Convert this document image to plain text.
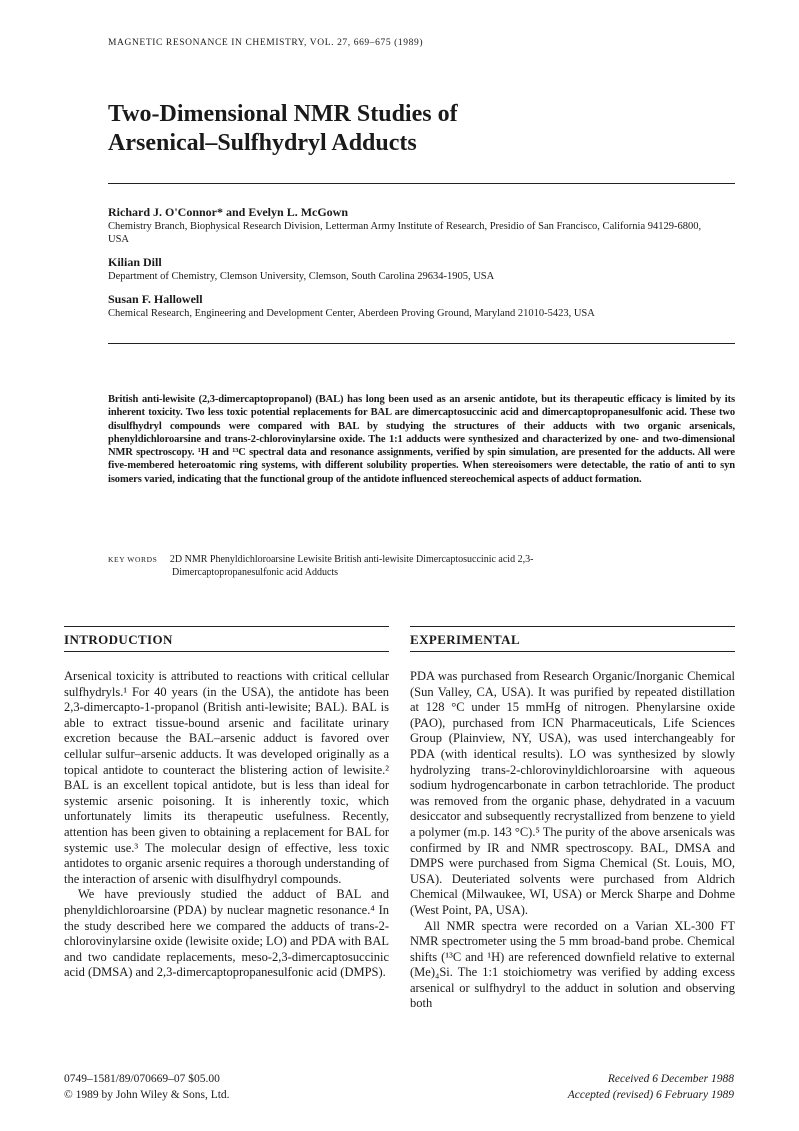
MAGNETIC RESONANCE IN CHEMISTRY, VOL. 27, 669–675 (1989)
Two-Dimensional NMR Studies of
Arsenical–Sulfhydryl Adducts
Richard J. O'Connor* and Evelyn L. McGown
Chemistry Branch, Biophysical Research Division, Letterman Army Institute of Research, Presidio of San Francisco, California 94129-6800, USA
Kilian Dill
Department of Chemistry, Clemson University, Clemson, South Carolina 29634-1905, USA
Susan F. Hallowell
Chemical Research, Engineering and Development Center, Aberdeen Proving Ground, Maryland 21010-5423, USA
British anti-lewisite (2,3-dimercaptopropanol) (BAL) has long been used as an arsenic antidote, but its therapeutic efficacy is limited by its inherent toxicity. Two less toxic potential replacements for BAL are dimercaptosuccinic acid and dimercaptopropanesulfonic acid. These two disulfhydryl compounds were compared with BAL by studying the structures of their adducts with two organic arsenicals, phenyldichloroarsine and trans-2-chlorovinylarsine oxide. The 1:1 adducts were synthesized and characterized by one- and two-dimensional NMR spectroscopy. ¹H and ¹³C spectral data and resonance assignments, verified by spin simulation, are presented for the adducts. All were five-membered heteroatomic ring systems, with different solubility properties. When stereoisomers were detectable, the ratio of anti to syn isomers varied, indicating that the functional group of the antidote influenced stereochemical aspects of adduct formation.
KEY WORDS 2D NMR Phenyldichloroarsine Lewisite British anti-lewisite Dimercaptosuccinic acid 2,3-
Dimercaptopropanesulfonic acid Adducts
INTRODUCTION

Arsenical toxicity is attributed to reactions with critical cellular sulfhydryls.¹ For 40 years (in the USA), the antidote has been 2,3-dimercapto-1-propanol (British anti-lewisite; BAL). BAL is able to extract tissue-bound arsenic and facilitate urinary excretion because the BAL–arsenic adduct is favored over cellular sulfur–arsenic adducts. It was developed originally as a topical antidote to counteract the blistering action of lewisite.² BAL is an excellent topical antidote, but is less than ideal for systemic arsenic poisoning. It is inherently toxic, which unfortunately limits its therapeutic usefulness. Recently, attention has been given to obtaining a replacement for BAL for systemic use.³ The molecular design of effective, less toxic antidotes to organic arsenic requires a thorough understanding of the interaction of arsenic with disulfhydryl compounds.

We have previously studied the adduct of BAL and phenyldichloroarsine (PDA) by nuclear magnetic resonance.⁴ In the study described here we compared the adducts of trans-2-chlorovinylarsine oxide (lewisite oxide; LO) and PDA with BAL and two candidate replacements, meso-2,3-dimercaptosuccinic acid (DMSA) and 2,3-dimercaptopropanesulfonic acid (DMPS).

EXPERIMENTAL

PDA was purchased from Research Organic/Inorganic Chemical (Sun Valley, CA, USA). It was purified by repeated distillation at 128 °C under 15 mmHg of nitrogen. Phenylarsine oxide (PAO), purchased from ICN Pharmaceuticals, Life Sciences Group (Plainview, NY, USA), was used interchangeably for PDA (with identical results). LO was synthesized by slowly hydrolyzing trans-2-chlorovinyldichloroarsine with aqueous sodium hydrogencarbonate in carbon tetrachloride. The product was removed from the organic phase, dehydrated in a vacuum desiccator and subsequently recrystallized from benzene to yield a polymer (m.p. 143 °C).⁵ The purity of the above arsenicals was confirmed by IR and NMR spectroscopy. BAL, DMSA and DMPS were purchased from Sigma Chemical (St. Louis, MO, USA). Deuteriated solvents were purchased from Aldrich Chemical (Milwaukee, WI, USA) or Merck Sharpe and Dohme (West Point, PA, USA).

All NMR spectra were recorded on a Varian XL-300 FT NMR spectrometer using the 5 mm broad-band probe. Chemical shifts (¹³C and ¹H) are referenced downfield relative to external (Me)₄Si. The 1:1 stoichiometry was verified by adding excess arsenical or sulfhydryl to the adduct in solution and observing both

0749–1581/89/070669–07 $05.00
© 1989 by John Wiley & Sons, Ltd.
Received 6 December 1988
Accepted (revised) 6 February 1989
